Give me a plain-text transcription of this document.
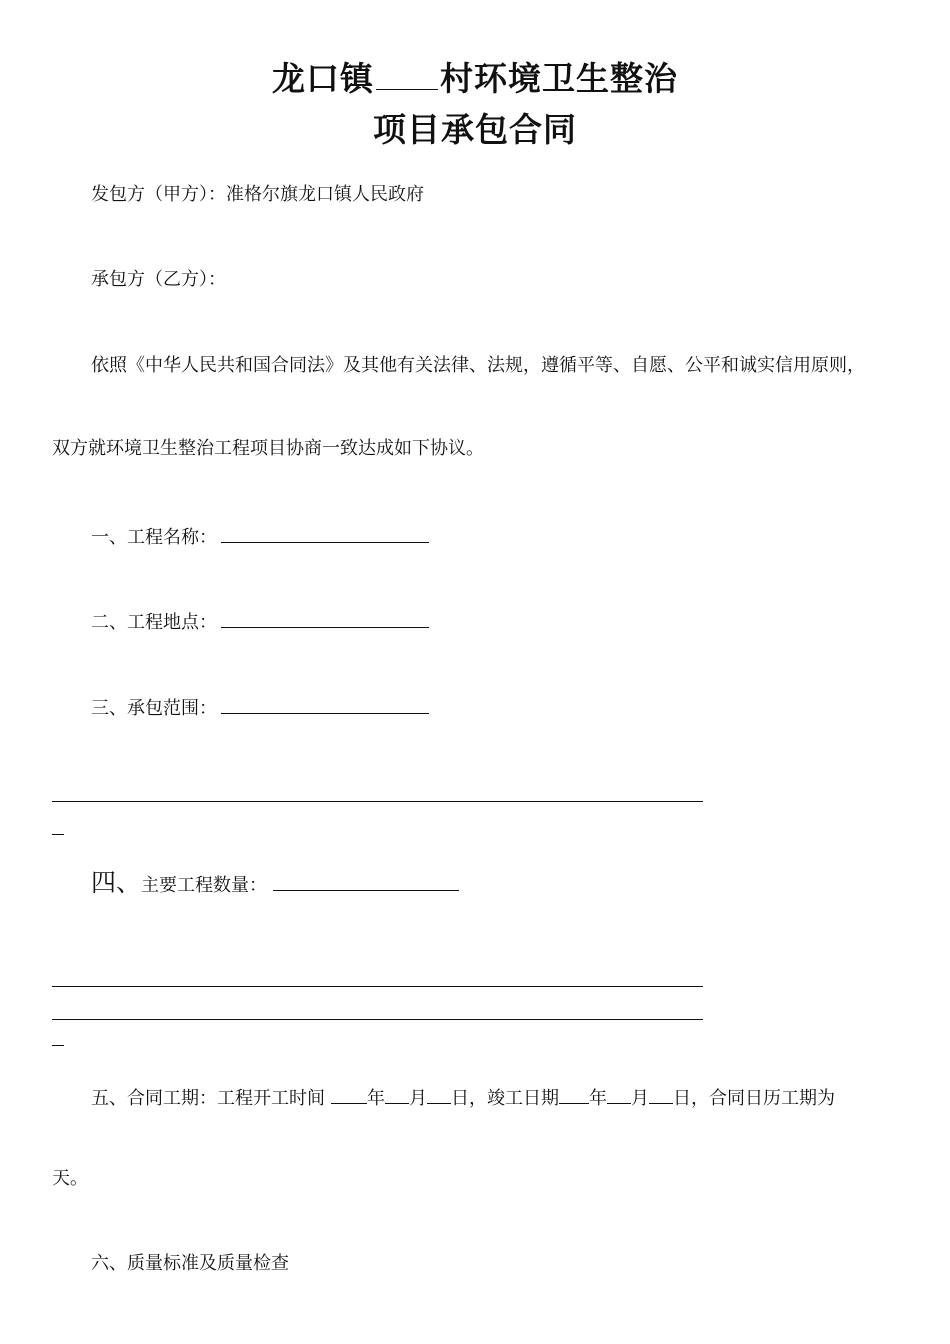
龙口镇 村环境卫生整治
项目承包合同
发包方（甲方）：准格尔旗龙口镇人民政府
承包方（乙方）：
依照《中华人民共和国合同法》及其他有关法律、法规，遵循平等、自愿、公平和诚实信用原则，
双方就环境卫生整治工程项目协商一致达成如下协议。
一、工程名称：
二、工程地点：
三、承包范围：
四、主要工程数量：
五、合同工期：工程开工时间 年 月 日，竣工日期 年 月 日，合同日历工期为
天。
六、质量标准及质量检查
